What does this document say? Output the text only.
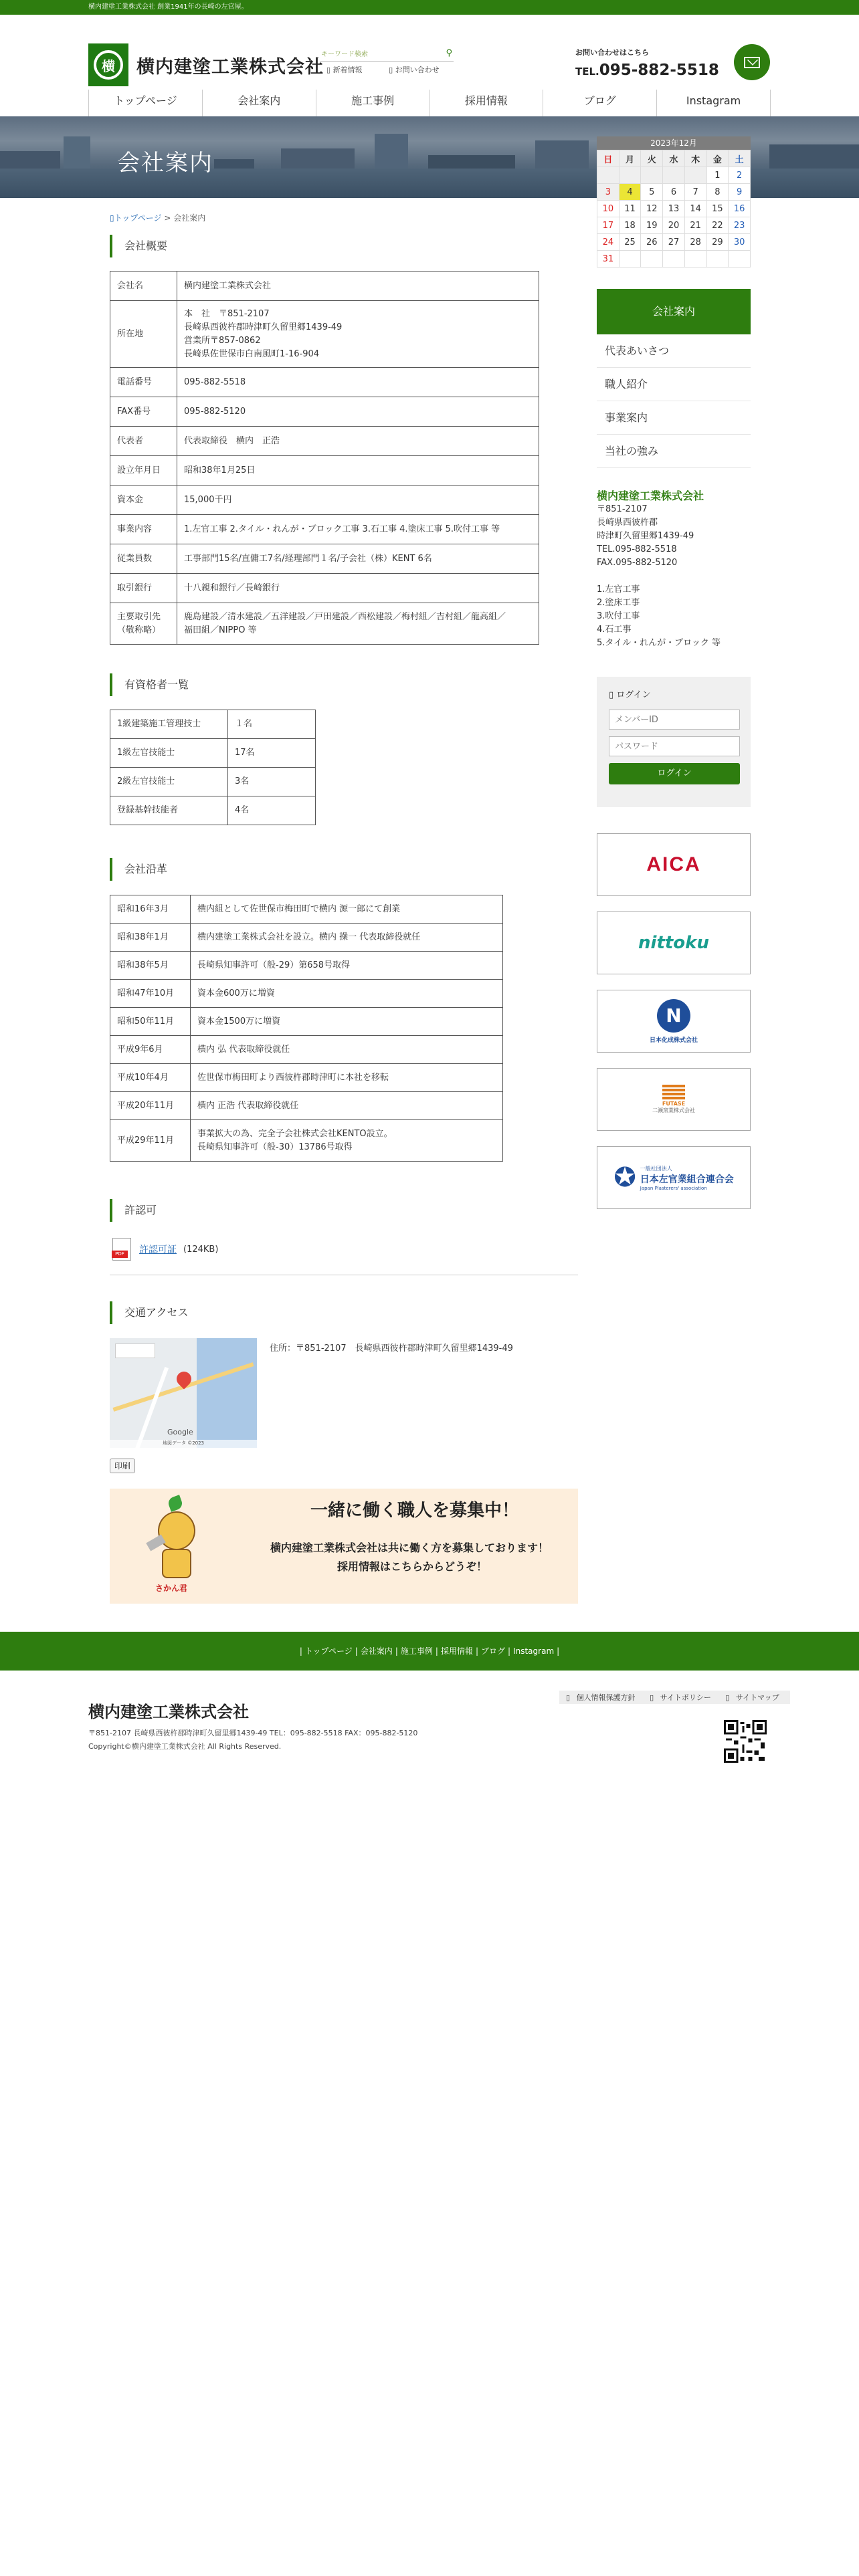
横内建塗工業株式会社 創業1941年の長崎の左官屋。
横 横内建塗工業株式会社
キーワード検索	⚲
▯ 新着情報	▯ お問い合わせ
お問い合わせはこちら
TEL.095-882-5518
トップページ	会社案内	施工事例	採用情報	ブログ	Instagram
会社案内
2023年12月
日	月	火	水	木	金	土
					1	2
3	4	5	6	7	8	9
10	11	12	13	14	15	16
17	18	19	20	21	22	23
24	25	26	27	28	29	30
31						
▯トップページ > 会社案内
会社概要
会社名	横内建塗工業株式会社

所在地	本　社　〒851-2107
長崎県西彼杵郡時津町久留里郷1439-49
営業所〒857-0862
長崎県佐世保市白南風町1-16-904

電話番号	095-882-5518

FAX番号	095-882-5120

代表者	代表取締役　横内　正浩

設立年月日	昭和38年1月25日

資本金	15,000千円

事業内容	1.左官工事 2.タイル・れんが・ブロック工事 3.石工事 4.塗床工事 5.吹付工事 等

従業員数	工事部門15名/直傭工7名/経理部門１名/子会社（株）KENT 6名

取引銀行	十八親和銀行／長崎銀行

主要取引先（敬称略）	鹿島建設／清水建設／五洋建設／戸田建設／西松建設／梅村組／吉村組／龍高組／
福田組／NIPPO 等
有資格者一覧
1級建築施工管理技士	１名

1級左官技能士	17名

2級左官技能士	3名

登録基幹技能者	4名
会社沿革
昭和16年3月	横内組として佐世保市梅田町で横内 源一郎にて創業

昭和38年1月	横内建塗工業株式会社を設立。横内 操一 代表取締役就任

昭和38年5月	長崎県知事許可（般-29）第658号取得

昭和47年10月	資本金600万に増資

昭和50年11月	資本金1500万に増資

平成9年6月	横内 弘 代表取締役就任

平成10年4月	佐世保市梅田町より西彼杵郡時津町に本社を移転

平成20年11月	横内 正浩 代表取締役就任

平成29年11月	事業拡大の為、完全子会社株式会社KENTO設立。
長崎県知事許可（般-30）13786号取得
許認可
PDF	許認可証 (124KB)
交通アクセス
Google
地図データ ©2023
住所：〒851-2107　長崎県西彼杵郡時津町久留里郷1439-49
印刷
さかん君
一緒に働く職人を募集中！
横内建塗工業株式会社は共に働く方を募集しております！
採用情報はこちらからどうぞ！
会社案内
代表あいさつ
職人紹介
事業案内
当社の強み
横内建塗工業株式会社
〒851-2107
長崎県西彼杵郡
時津町久留里郷1439-49
TEL.095-882-5518
FAX.095-882-5120
1.左官工事
2.塗床工事
3.吹付工事
4.石工事
5.タイル・れんが・ブロック 等
▯ ログイン
メンバーID
パスワード
ログイン
AICA
nittoku
N
日本化成株式会社
FUTASE
二瀬窯業株式会社
✪ 一般社団法人
日本左官業組合連合会
Japan Plasterers' association
| トップページ | 会社案内 | 施工事例 | 採用情報 | ブログ | Instagram |
▯ 個人情報保護方針 ▯ サイトポリシー ▯ サイトマップ
横内建塗工業株式会社
〒851-2107 長崎県西彼杵郡時津町久留里郷1439-49 TEL：095-882-5518 FAX：095-882-5120
Copyright©横内建塗工業株式会社 All Rights Reserved.
